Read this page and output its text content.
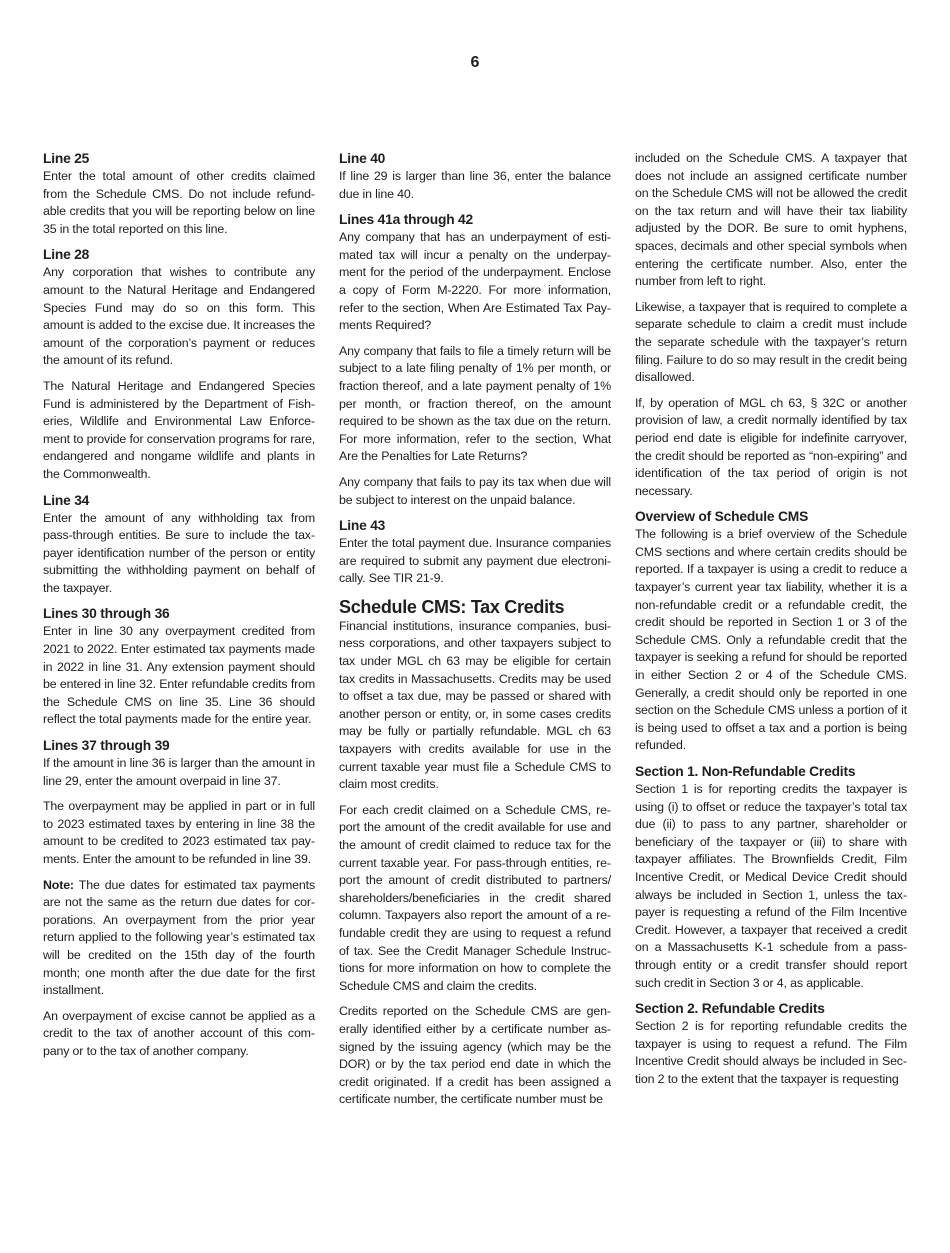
6
Line 25

Enter the total amount of other credits claimed from the Schedule CMS. Do not include refundable credits that you will be reporting below on line 35 in the total reported on this line.

Line 28

Any corporation that wishes to contribute any amount to the Natural Heritage and Endangered Species Fund may do so on this form. This amount is added to the excise due. It increases the amount of the corporation’s payment or reduces the amount of its refund.

The Natural Heritage and Endangered Species Fund is administered by the Department of Fisheries, Wildlife and Environmental Law Enforcement to provide for conservation programs for rare, endangered and nongame wildlife and plants in the Commonwealth.

Line 34

Enter the amount of any withholding tax from pass-through entities. Be sure to include the taxpayer identification number of the person or entity submitting the withholding payment on behalf of the taxpayer.

Lines 30 through 36

Enter in line 30 any overpayment credited from 2021 to 2022. Enter estimated tax payments made in 2022 in line 31. Any extension payment should be entered in line 32. Enter refundable credits from the Schedule CMS on line 35. Line 36 should reflect the total payments made for the entire year.

Lines 37 through 39

If the amount in line 36 is larger than the amount in line 29, enter the amount overpaid in line 37.

The overpayment may be applied in part or in full to 2023 estimated taxes by entering in line 38 the amount to be credited to 2023 estimated tax payments. Enter the amount to be refunded in line 39.

Note: The due dates for estimated tax payments are not the same as the return due dates for corporations. An overpayment from the prior year return applied to the following year’s estimated tax will be credited on the 15th day of the fourth month; one month after the due date for the first installment.

An overpayment of excise cannot be applied as a credit to the tax of another account of this company or to the tax of another company.

Line 40

If line 29 is larger than line 36, enter the balance due in line 40.

Lines 41a through 42

Any company that has an underpayment of estimated tax will incur a penalty on the underpayment for the period of the underpayment. Enclose a copy of Form M-2220. For more information, refer to the section, When Are Estimated Tax Payments Required?

Any company that fails to file a timely return will be subject to a late filing penalty of 1% per month, or fraction thereof, and a late payment penalty of 1% per month, or fraction thereof, on the amount required to be shown as the tax due on the return. For more information, refer to the section, What Are the Penalties for Late Returns?

Any company that fails to pay its tax when due will be subject to interest on the unpaid balance.

Line 43

Enter the total payment due. Insurance companies are required to submit any payment due electronically. See TIR 21-9.

Schedule CMS: Tax Credits

Financial institutions, insurance companies, business corporations, and other taxpayers subject to tax under MGL ch 63 may be eligible for certain tax credits in Massachusetts. Credits may be used to offset a tax due, may be passed or shared with another person or entity, or, in some cases credits may be fully or partially refundable. MGL ch 63 taxpayers with credits available for use in the current taxable year must file a Schedule CMS to claim most credits.

For each credit claimed on a Schedule CMS, report the amount of the credit available for use and the amount of credit claimed to reduce tax for the current taxable year. For pass-through entities, report the amount of credit distributed to partners/ shareholders/beneficiaries in the credit shared column. Taxpayers also report the amount of a refundable credit they are using to request a refund of tax. See the Credit Manager Schedule Instructions for more information on how to complete the Schedule CMS and claim the credits.

Credits reported on the Schedule CMS are generally identified either by a certificate number assigned by the issuing agency (which may be the DOR) or by the tax period end date in which the credit originated. If a credit has been assigned a certificate number, the certificate number must be

included on the Schedule CMS. A taxpayer that does not include an assigned certificate number on the Schedule CMS will not be allowed the credit on the tax return and will have their tax liability adjusted by the DOR. Be sure to omit hyphens, spaces, decimals and other special symbols when entering the certificate number. Also, enter the number from left to right.

Likewise, a taxpayer that is required to complete a separate schedule to claim a credit must include the separate schedule with the taxpayer’s return filing. Failure to do so may result in the credit being disallowed.

If, by operation of MGL ch 63, § 32C or another provision of law, a credit normally identified by tax period end date is eligible for indefinite carryover, the credit should be reported as “non-expiring” and identification of the tax period of origin is not necessary.

Overview of Schedule CMS

The following is a brief overview of the Schedule CMS sections and where certain credits should be reported. If a taxpayer is using a credit to reduce a taxpayer’s current year tax liability, whether it is a non-refundable credit or a refundable credit, the credit should be reported in Section 1 or 3 of the Schedule CMS. Only a refundable credit that the taxpayer is seeking a refund for should be reported in either Section 2 or 4 of the Schedule CMS. Generally, a credit should only be reported in one section on the Schedule CMS unless a portion of it is being used to offset a tax and a portion is being refunded.

Section 1. Non-Refundable Credits

Section 1 is for reporting credits the taxpayer is using (i) to offset or reduce the taxpayer’s total tax due (ii) to pass to any partner, shareholder or beneficiary of the taxpayer or (iii) to share with taxpayer affiliates. The Brownfields Credit, Film Incentive Credit, or Medical Device Credit should always be included in Section 1, unless the taxpayer is requesting a refund of the Film Incentive Credit. However, a taxpayer that received a credit on a Massachusetts K-1 schedule from a pass-through entity or a credit transfer should report such credit in Section 3 or 4, as applicable.

Section 2. Refundable Credits

Section 2 is for reporting refundable credits the taxpayer is using to request a refund. The Film Incentive Credit should always be included in Section 2 to the extent that the taxpayer is requesting
